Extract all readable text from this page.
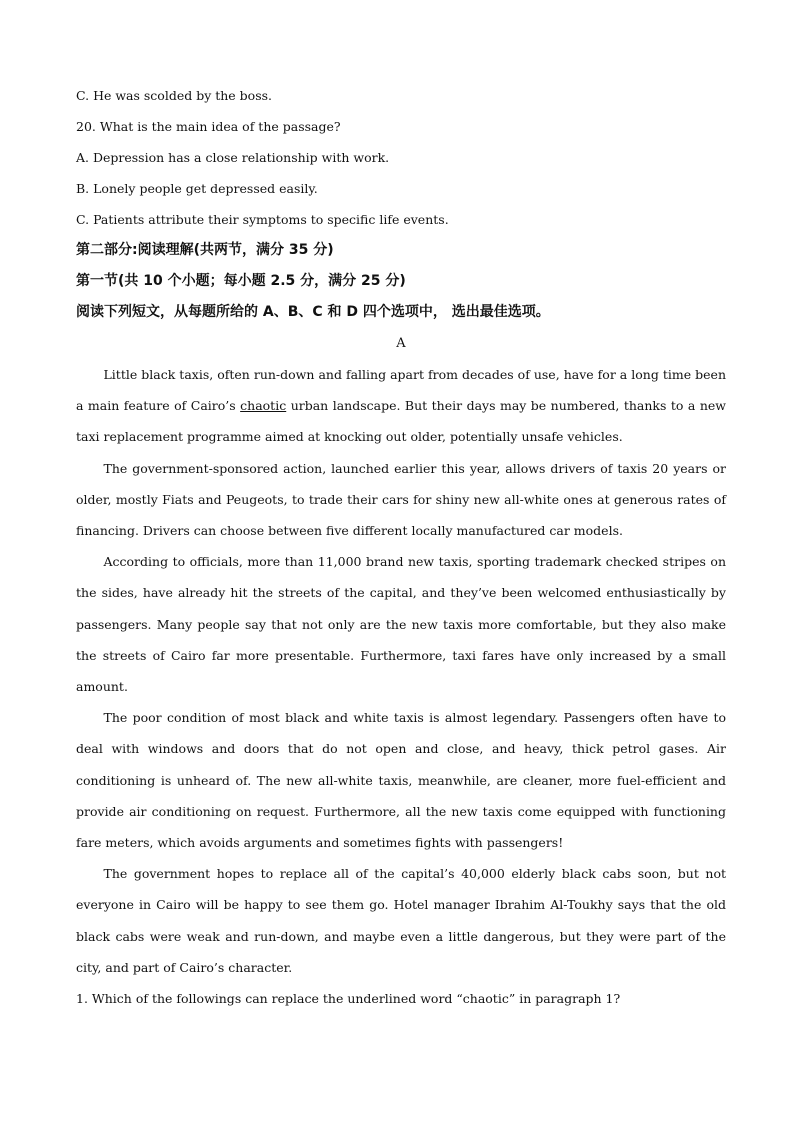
C. He was scolded by the boss.

20. What is the main idea of the passage?

A. Depression has a close relationship with work.

B. Lonely people get depressed easily.

C. Patients attribute their symptoms to specific life events.

第二部分:阅读理解(共两节，满分 35 分)

第一节(共 10 个小题；每小题 2.5 分，满分 25 分)

阅读下列短文，从每题所给的 A、B、C 和 D 四个选项中， 选出最佳选项。

A

Little black taxis, often run-down and falling apart from decades of use, have for a long time been a main feature of Cairo’s chaotic urban landscape. But their days may be numbered, thanks to a new taxi replacement programme aimed at knocking out older, potentially unsafe vehicles.

The government-sponsored action, launched earlier this year, allows drivers of taxis 20 years or older, mostly Fiats and Peugeots, to trade their cars for shiny new all-white ones at generous rates of financing. Drivers can choose between five different locally manufactured car models.

According to officials, more than 11,000 brand new taxis, sporting trademark checked stripes on the sides, have already hit the streets of the capital, and they’ve been welcomed enthusiastically by passengers. Many people say that not only are the new taxis more comfortable, but they also make the streets of Cairo far more presentable. Furthermore, taxi fares have only increased by a small amount.

The poor condition of most black and white taxis is almost legendary. Passengers often have to deal with windows and doors that do not open and close, and heavy, thick petrol gases. Air conditioning is unheard of. The new all-white taxis, meanwhile, are cleaner, more fuel-efficient and provide air conditioning on request. Furthermore, all the new taxis come equipped with functioning fare meters, which avoids arguments and sometimes fights with passengers!

The government hopes to replace all of the capital’s 40,000 elderly black cabs soon, but not everyone in Cairo will be happy to see them go. Hotel manager Ibrahim Al-Toukhy says that the old black cabs were weak and run-down, and maybe even a little dangerous, but they were part of the city, and part of Cairo’s character.

1. Which of the followings can replace the underlined word “chaotic” in paragraph 1?
